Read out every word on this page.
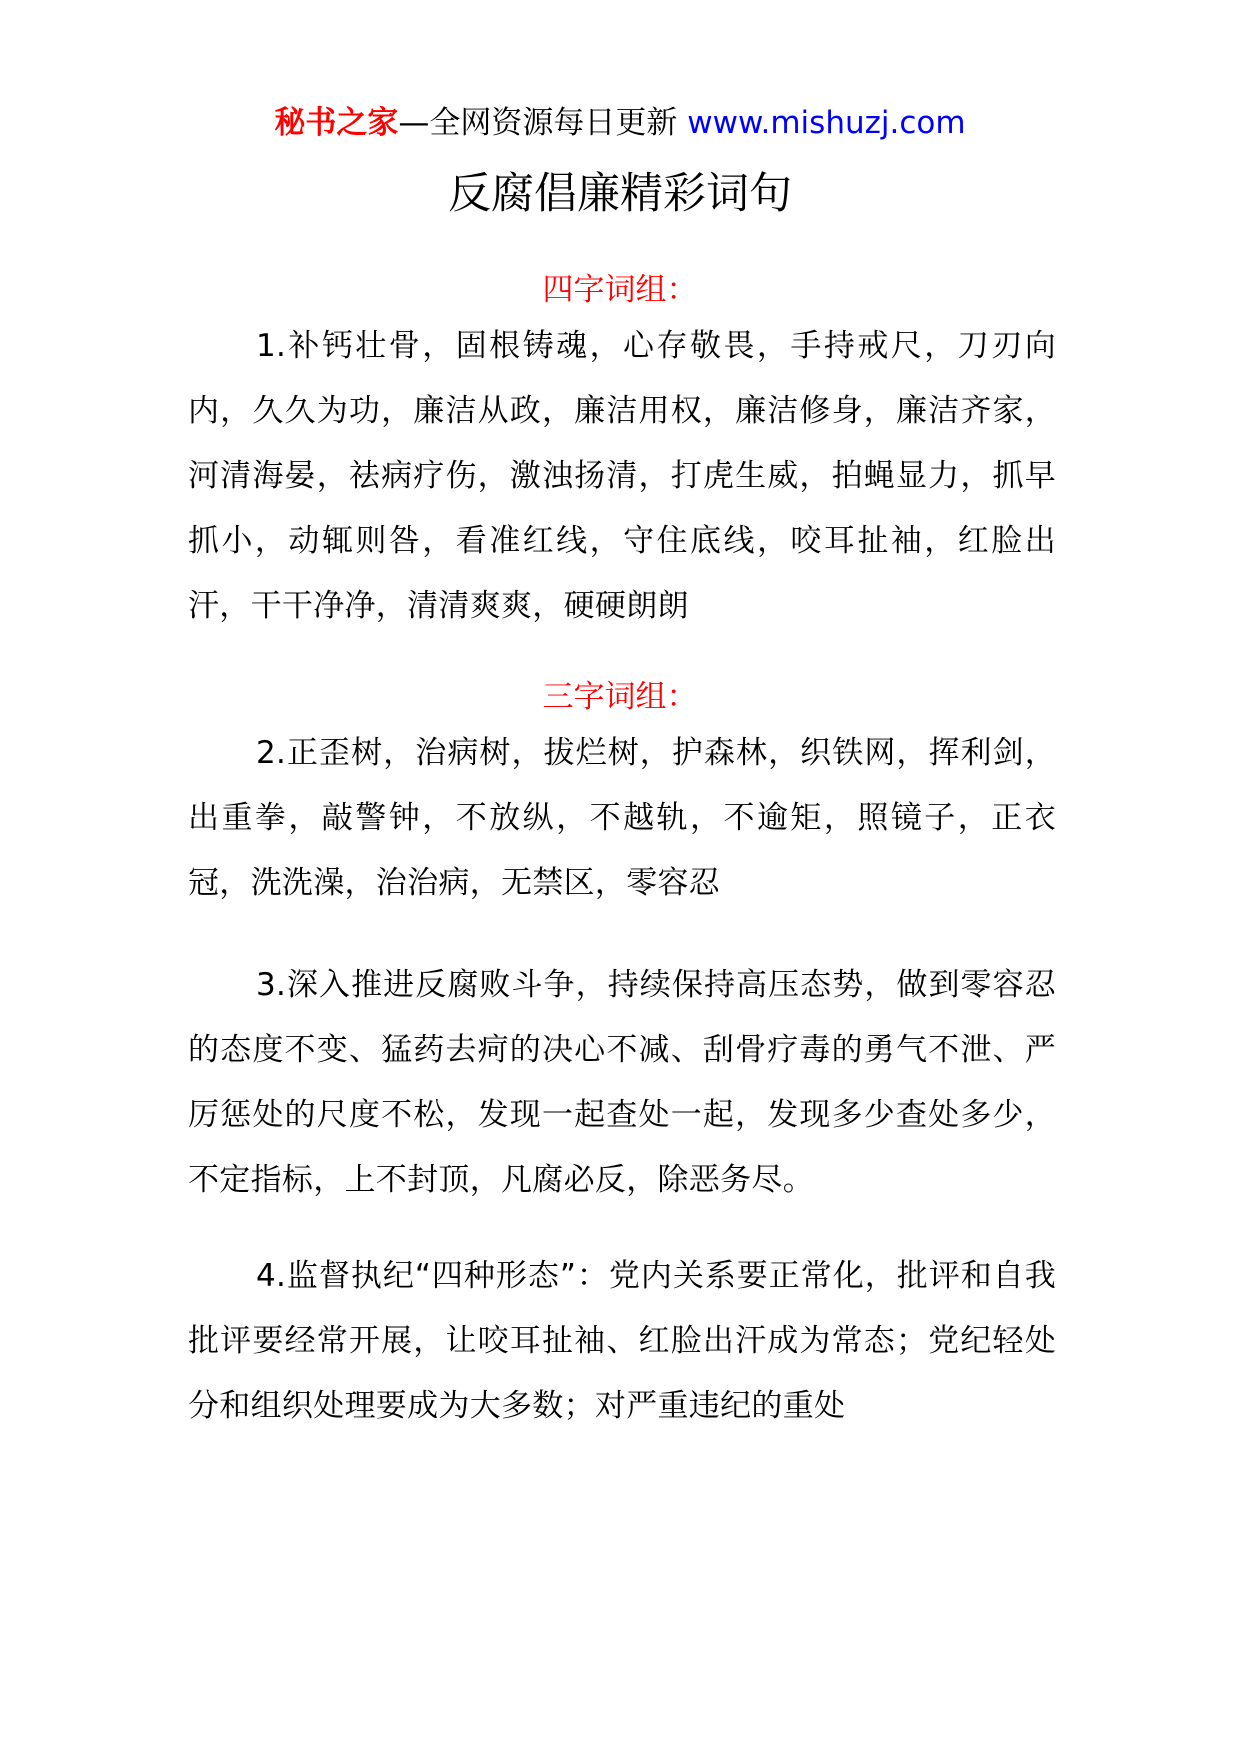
秘书之家—全网资源每日更新 www.mishuzj.com
反腐倡廉精彩词句
四字词组：

1.补钙壮骨，固根铸魂，心存敬畏，手持戒尺，刀刃向内，久久为功，廉洁从政，廉洁用权，廉洁修身，廉洁齐家，河清海晏，祛病疗伤，激浊扬清，打虎生威，拍蝇显力，抓早抓小，动辄则咎，看准红线，守住底线，咬耳扯袖，红脸出汗，干干净净，清清爽爽，硬硬朗朗

三字词组：

2.正歪树，治病树，拔烂树，护森林，织铁网，挥利剑，出重拳，敲警钟，不放纵，不越轨，不逾矩，照镜子，正衣冠，洗洗澡，治治病，无禁区，零容忍

3.深入推进反腐败斗争，持续保持高压态势，做到零容忍的态度不变、猛药去疴的决心不减、刮骨疗毒的勇气不泄、严厉惩处的尺度不松，发现一起查处一起，发现多少查处多少，不定指标，上不封顶，凡腐必反，除恶务尽。

4.监督执纪“四种形态”：党内关系要正常化，批评和自我批评要经常开展，让咬耳扯袖、红脸出汗成为常态；党纪轻处分和组织处理要成为大多数；对严重违纪的重处
